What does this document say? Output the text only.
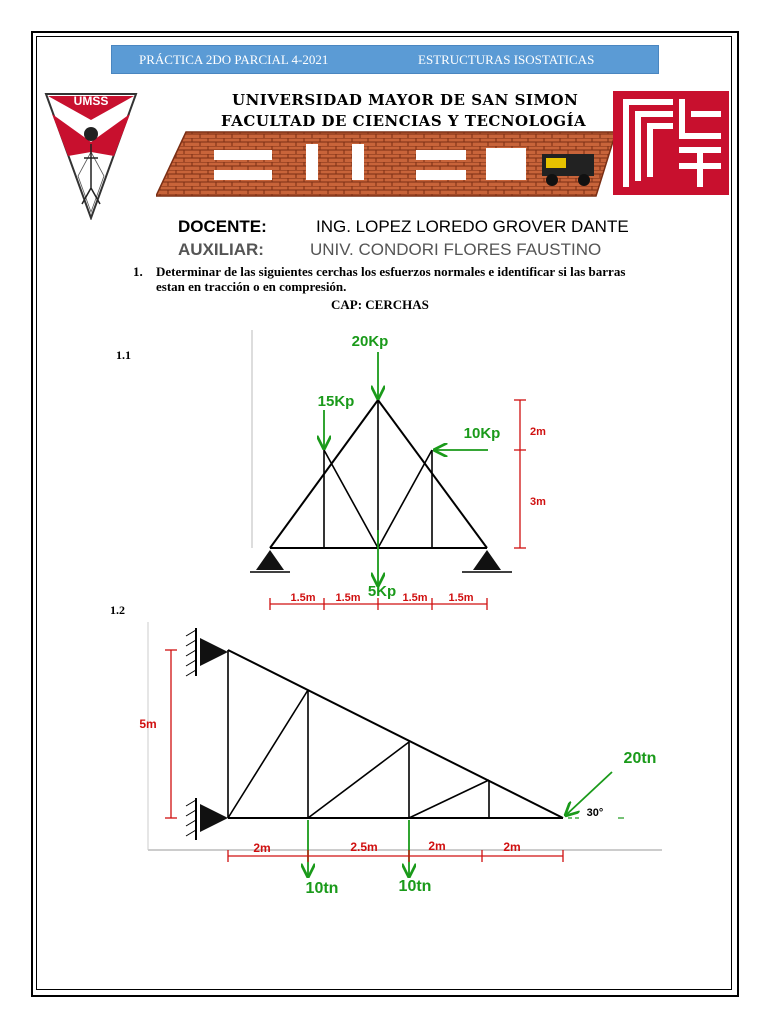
PRÁCTICA 2DO PARCIAL 4-2021	ESTRUCTURAS ISOSTATICAS
UMSS	UNIVERSIDAD MAYOR DE SAN SIMON
FACULTAD DE CIENCIAS Y TECNOLOGÍA
DOCENTE:	ING. LOPEZ LOREDO GROVER DANTE
AUXILIAR:	UNIV. CONDORI FLORES FAUSTINO
1. Determinar de las siguientes cerchas los esfuerzos normales e identificar si las barras estan en tracción o en compresión.
CAP: CERCHAS
1.1
1.2
20Kp
15Kp
10Kp
5Kp
2m
3m
1.5m 1.5m	1.5m 1.5m
5m
20tn
30°
10tn	10tn
2m	2.5m	2m	2m
